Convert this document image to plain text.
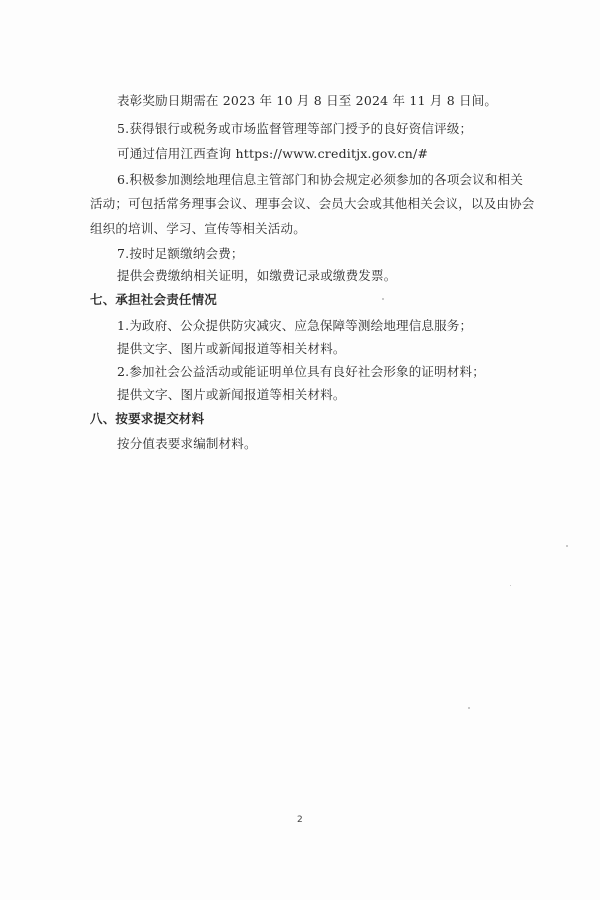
表彰奖励日期需在 2023 年 10 月 8 日至 2024 年 11 月 8 日间。
5.获得银行或税务或市场监督管理等部门授予的良好资信评级；
可通过信用江西查询 https://www.creditjx.gov.cn/#
6.积极参加测绘地理信息主管部门和协会规定必须参加的各项会议和相关
活动；可包括常务理事会议、理事会议、会员大会或其他相关会议，以及由协会
组织的培训、学习、宣传等相关活动。
7.按时足额缴纳会费；
提供会费缴纳相关证明，如缴费记录或缴费发票。
七、承担社会责任情况
1.为政府、公众提供防灾减灾、应急保障等测绘地理信息服务；
提供文字、图片或新闻报道等相关材料。
2.参加社会公益活动或能证明单位具有良好社会形象的证明材料；
提供文字、图片或新闻报道等相关材料。
八、按要求提交材料
按分值表要求编制材料。
2
